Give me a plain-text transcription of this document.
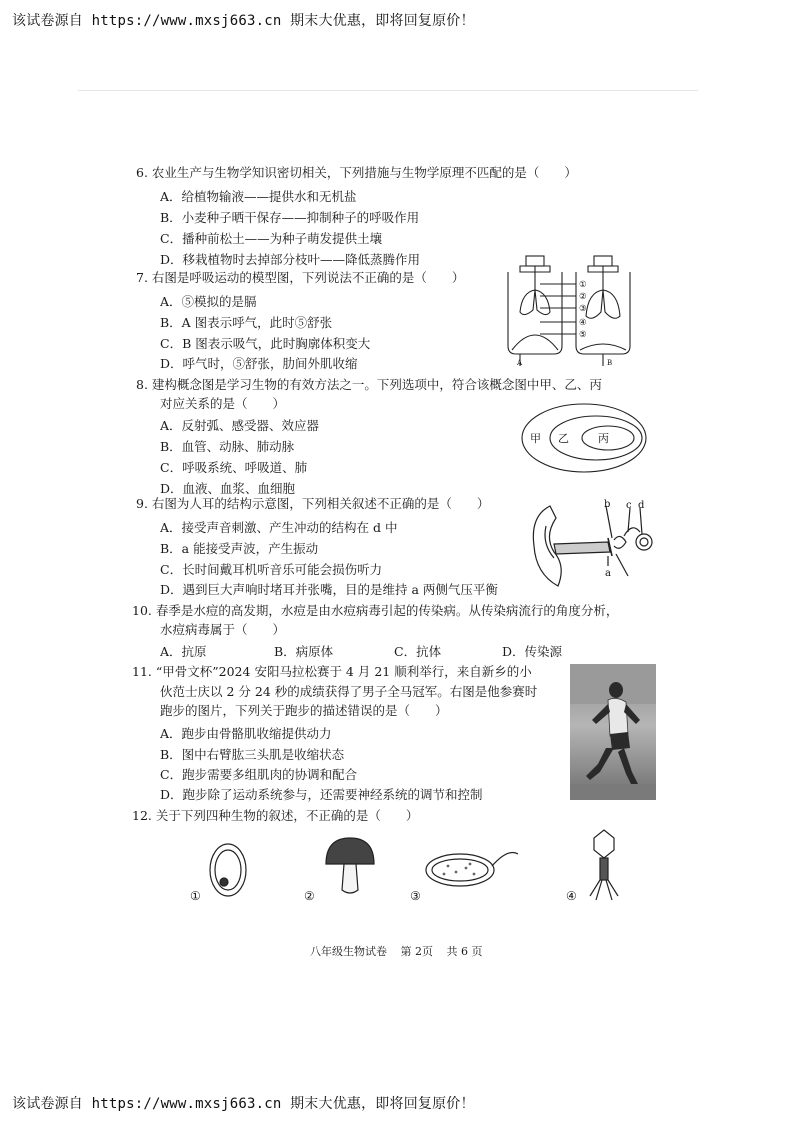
该试卷源自 https://www.mxsj663.cn 期末大优惠，即将回复原价！
6. 农业生产与生物学知识密切相关，下列措施与生物学原理不匹配的是（　　）
A．给植物输液——提供水和无机盐
B．小麦种子晒干保存——抑制种子的呼吸作用
C．播种前松土——为种子萌发提供土壤
D．移栽植物时去掉部分枝叶——降低蒸腾作用
7. 右图是呼吸运动的模型图，下列说法不正确的是（　　）
A．⑤模拟的是膈
B．A 图表示呼气，此时⑤舒张
C．B 图表示吸气，此时胸廓体积变大
D．呼气时，⑤舒张，肋间外肌收缩
①
②
③
④
⑤
A	B
8. 建构概念图是学习生物的有效方法之一。下列选项中，符合该概念图中甲、乙、丙
对应关系的是（　　）
A．反射弧、感受器、效应器
B．血管、动脉、肺动脉
C．呼吸系统、呼吸道、肺
D．血液、血浆、血细胞
甲 乙	丙
9. 右图为人耳的结构示意图，下列相关叙述不正确的是（　　）
A．接受声音刺激、产生冲动的结构在 d 中
B．a 能接受声波，产生振动
C．长时间戴耳机听音乐可能会损伤听力
D．遇到巨大声响时堵耳并张嘴，目的是维持 a 两侧气压平衡
b c d
a
10. 春季是水痘的高发期，水痘是由水痘病毒引起的传染病。从传染病流行的角度分析，
水痘病毒属于（　　）
A．抗原	B．病原体	C．抗体	D．传染源
11. “甲骨文杯”2024 安阳马拉松赛于 4 月 21 顺利举行，来自新乡的小
伙范士庆以 2 分 24 秒的成绩获得了男子全马冠军。右图是他参赛时
跑步的图片，下列关于跑步的描述错误的是（　　）
A．跑步由骨骼肌收缩提供动力
B．图中右臂肱三头肌是收缩状态
C．跑步需要多组肌肉的协调和配合
D．跑步除了运动系统参与，还需要神经系统的调节和控制
12. 关于下列四种生物的叙述，不正确的是（　　）
①	②	③	④
八年级生物试卷 第 2页 共 6 页
该试卷源自 https://www.mxsj663.cn 期末大优惠，即将回复原价！
